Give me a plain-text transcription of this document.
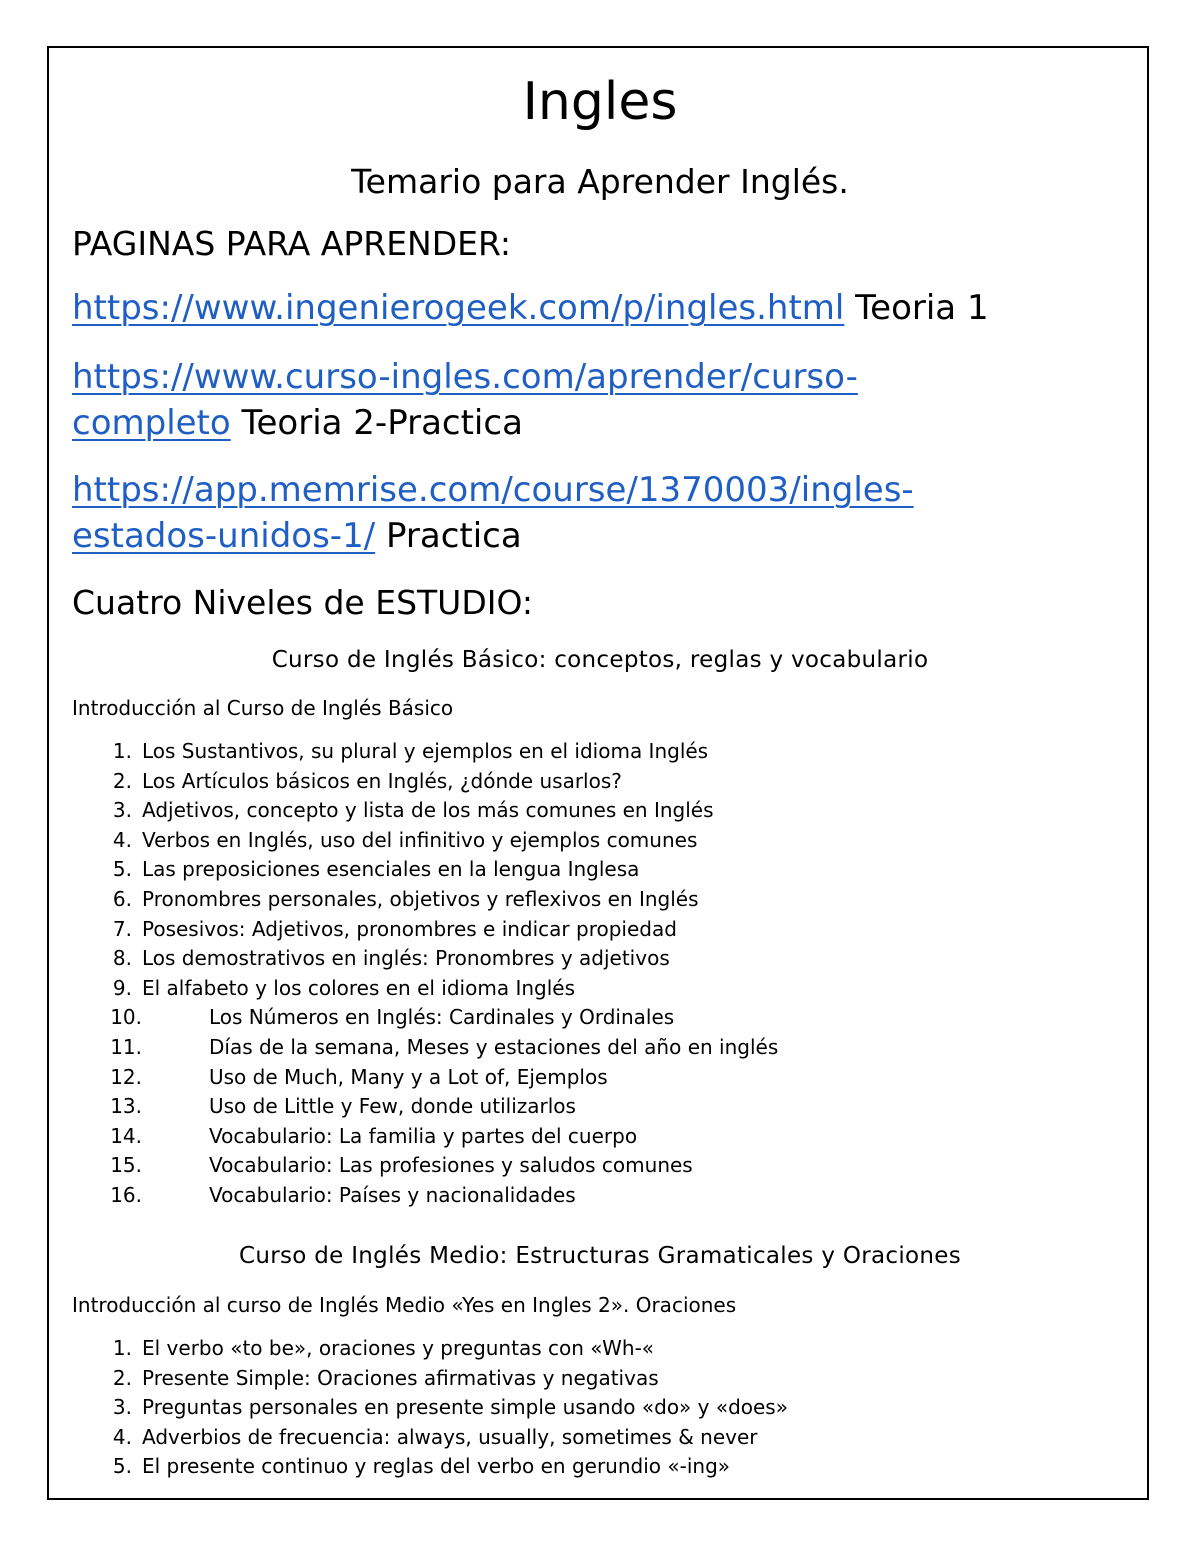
Ingles
Temario para Aprender Inglés.
PAGINAS PARA APRENDER:
https://www.ingenierogeek.com/p/ingles.html Teoria 1
https://www.curso-ingles.com/aprender/curso-
completo Teoria 2-Practica
https://app.memrise.com/course/1370003/ingles-
estados-unidos-1/ Practica
Cuatro Niveles de ESTUDIO:
Curso de Inglés Básico: conceptos, reglas y vocabulario
Introducción al Curso de Inglés Básico
1. Los Sustantivos, su plural y ejemplos en el idioma Inglés
2. Los Artículos básicos en Inglés, ¿dónde usarlos?
3. Adjetivos, concepto y lista de los más comunes en Inglés
4. Verbos en Inglés, uso del infinitivo y ejemplos comunes
5. Las preposiciones esenciales en la lengua Inglesa
6. Pronombres personales, objetivos y reflexivos en Inglés
7. Posesivos: Adjetivos, pronombres e indicar propiedad
8. Los demostrativos en inglés: Pronombres y adjetivos
9. El alfabeto y los colores en el idioma Inglés
10.	Los Números en Inglés: Cardinales y Ordinales
11.	Días de la semana, Meses y estaciones del año en inglés
12.	Uso de Much, Many y a Lot of, Ejemplos
13.	Uso de Little y Few, donde utilizarlos
14.	Vocabulario: La familia y partes del cuerpo
15.	Vocabulario: Las profesiones y saludos comunes
16.	Vocabulario: Países y nacionalidades
Curso de Inglés Medio: Estructuras Gramaticales y Oraciones
Introducción al curso de Inglés Medio «Yes en Ingles 2». Oraciones
1. El verbo «to be», oraciones y preguntas con «Wh-«
2. Presente Simple: Oraciones afirmativas y negativas
3. Preguntas personales en presente simple usando «do» y «does»
4. Adverbios de frecuencia: always, usually, sometimes & never
5. El presente continuo y reglas del verbo en gerundio «-ing»
